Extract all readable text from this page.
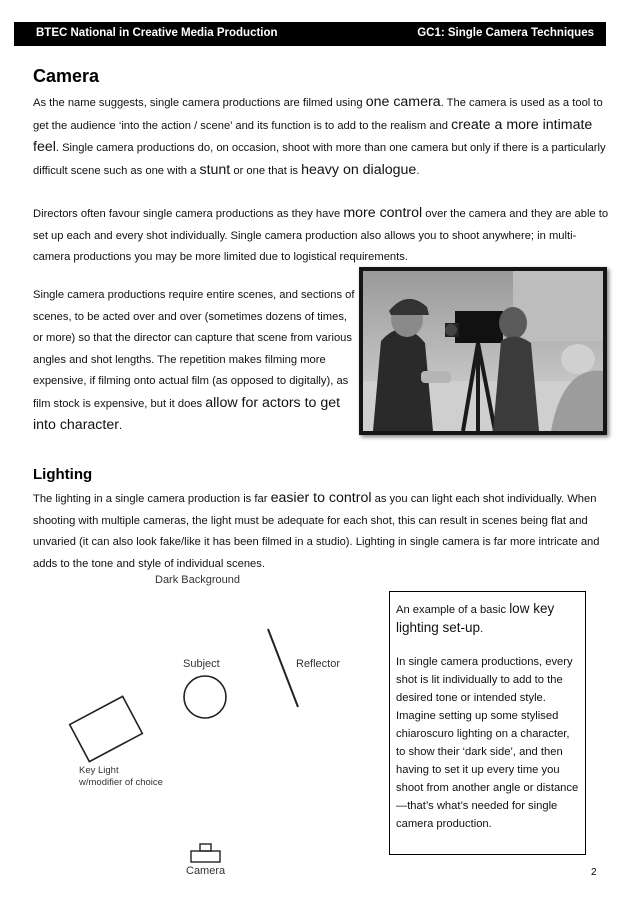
BTEC National in Creative Media Production	GC1: Single Camera Techniques
Camera
As the name suggests, single camera productions are filmed using one camera. The camera is used as a tool to get the audience ‘into the action / scene’ and its function is to add to the realism and create a more intimate feel. Single camera productions do, on occasion, shoot with more than one camera but only if there is a particularly difficult scene such as one with a stunt or one that is heavy on dialogue.
Directors often favour single camera productions as they have more control over the camera and they are able to set up each and every shot individually. Single camera production also allows you to shoot anywhere; in multi-camera productions you may be more limited due to logistical requirements.
Single camera productions require entire scenes, and sections of scenes, to be acted over and over (sometimes dozens of times, or more) so that the director can capture that scene from various angles and shot lengths. The repetition makes filming more expensive, if filming onto actual film (as opposed to digitally), as film stock is expensive, but it does allow for actors to get into character.
Lighting
The lighting in a single camera production is far easier to control as you can light each shot individually. When shooting with multiple cameras, the light must be adequate for each shot, this can result in scenes being flat and unvaried (it can also look fake/like it has been filmed in a studio). Lighting in single camera is far more intricate and adds to the tone and style of individual scenes.
Dark Background
Subject	Reflector
Key Light
w/modifier of choice
Camera
An example of a basic low key lighting set-up.
In single camera productions, every shot is lit individually to add to the desired tone or intended style. Imagine setting up some stylised chiaroscuro lighting on a character, to show their ‘dark side’, and then having to set it up every time you shoot from another angle or distance—that’s what’s needed for single camera production.
2
